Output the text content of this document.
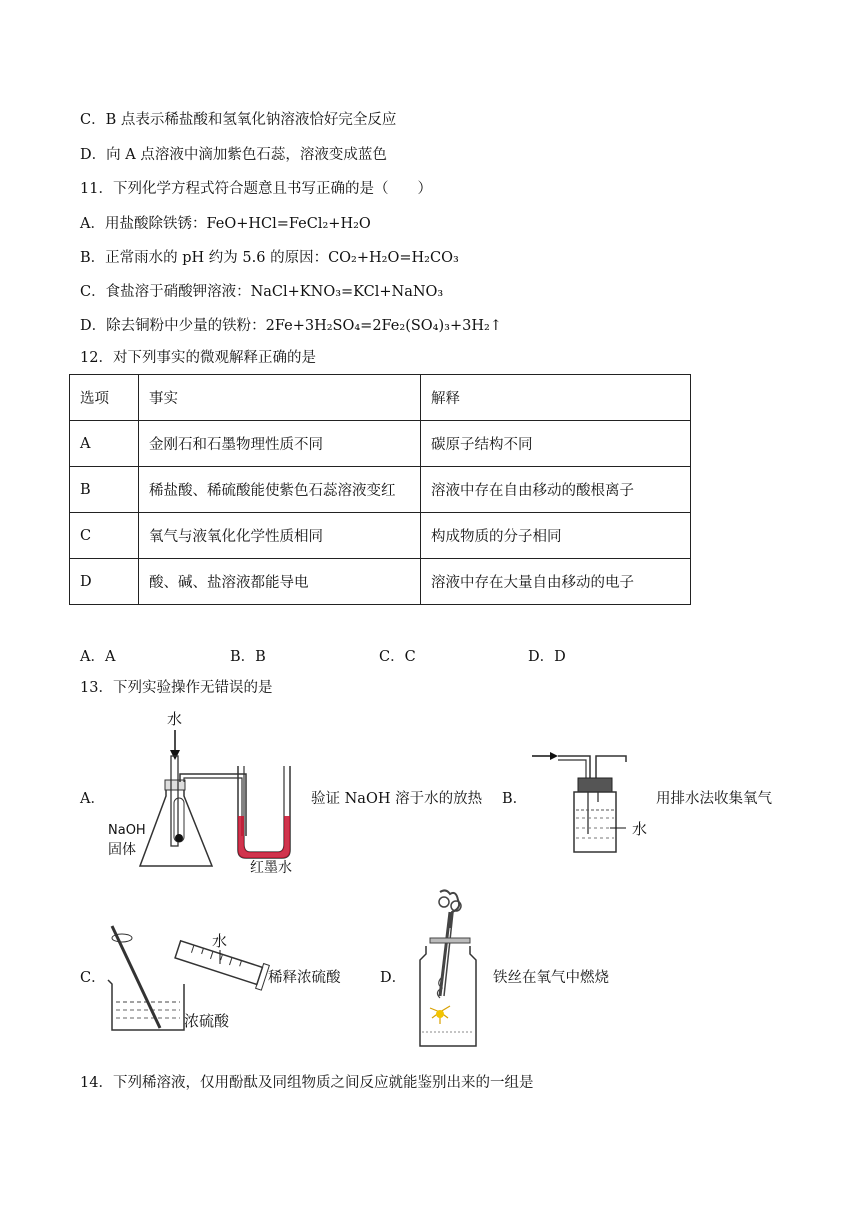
C．B 点表示稀盐酸和氢氧化钠溶液恰好完全反应
D．向 A 点溶液中滴加紫色石蕊，溶液变成蓝色
11．下列化学方程式符合题意且书写正确的是（　　）
A．用盐酸除铁锈：FeO+HCl=FeCl₂+H₂O
B．正常雨水的 pH 约为 5.6 的原因：CO₂+H₂O=H₂CO₃
C．食盐溶于硝酸钾溶液：NaCl+KNO₃=KCl+NaNO₃
D．除去铜粉中少量的铁粉：2Fe+3H₂SO₄=2Fe₂(SO₄)₃+3H₂↑
12．对下列事实的微观解释正确的是
选项	事实	解释
A	金刚石和石墨物理性质不同	碳原子结构不同
B	稀盐酸、稀硫酸能使紫色石蕊溶液变红	溶液中存在自由移动的酸根离子
C	氧气与液氧化化学性质相同	构成物质的分子相同
D	酸、碱、盐溶液都能导电	溶液中存在大量自由移动的电子
A．A	B．B	C．C	D．D
13．下列实验操作无错误的是
A．
水
NaOH
固体
红墨水
验证 NaOH 溶于水的放热 B．
水
用排水法收集氧气
C．
水
浓硫酸
稀释浓硫酸	D．	铁丝在氧气中燃烧
14．下列稀溶液，仅用酚酞及同组物质之间反应就能鉴别出来的一组是
